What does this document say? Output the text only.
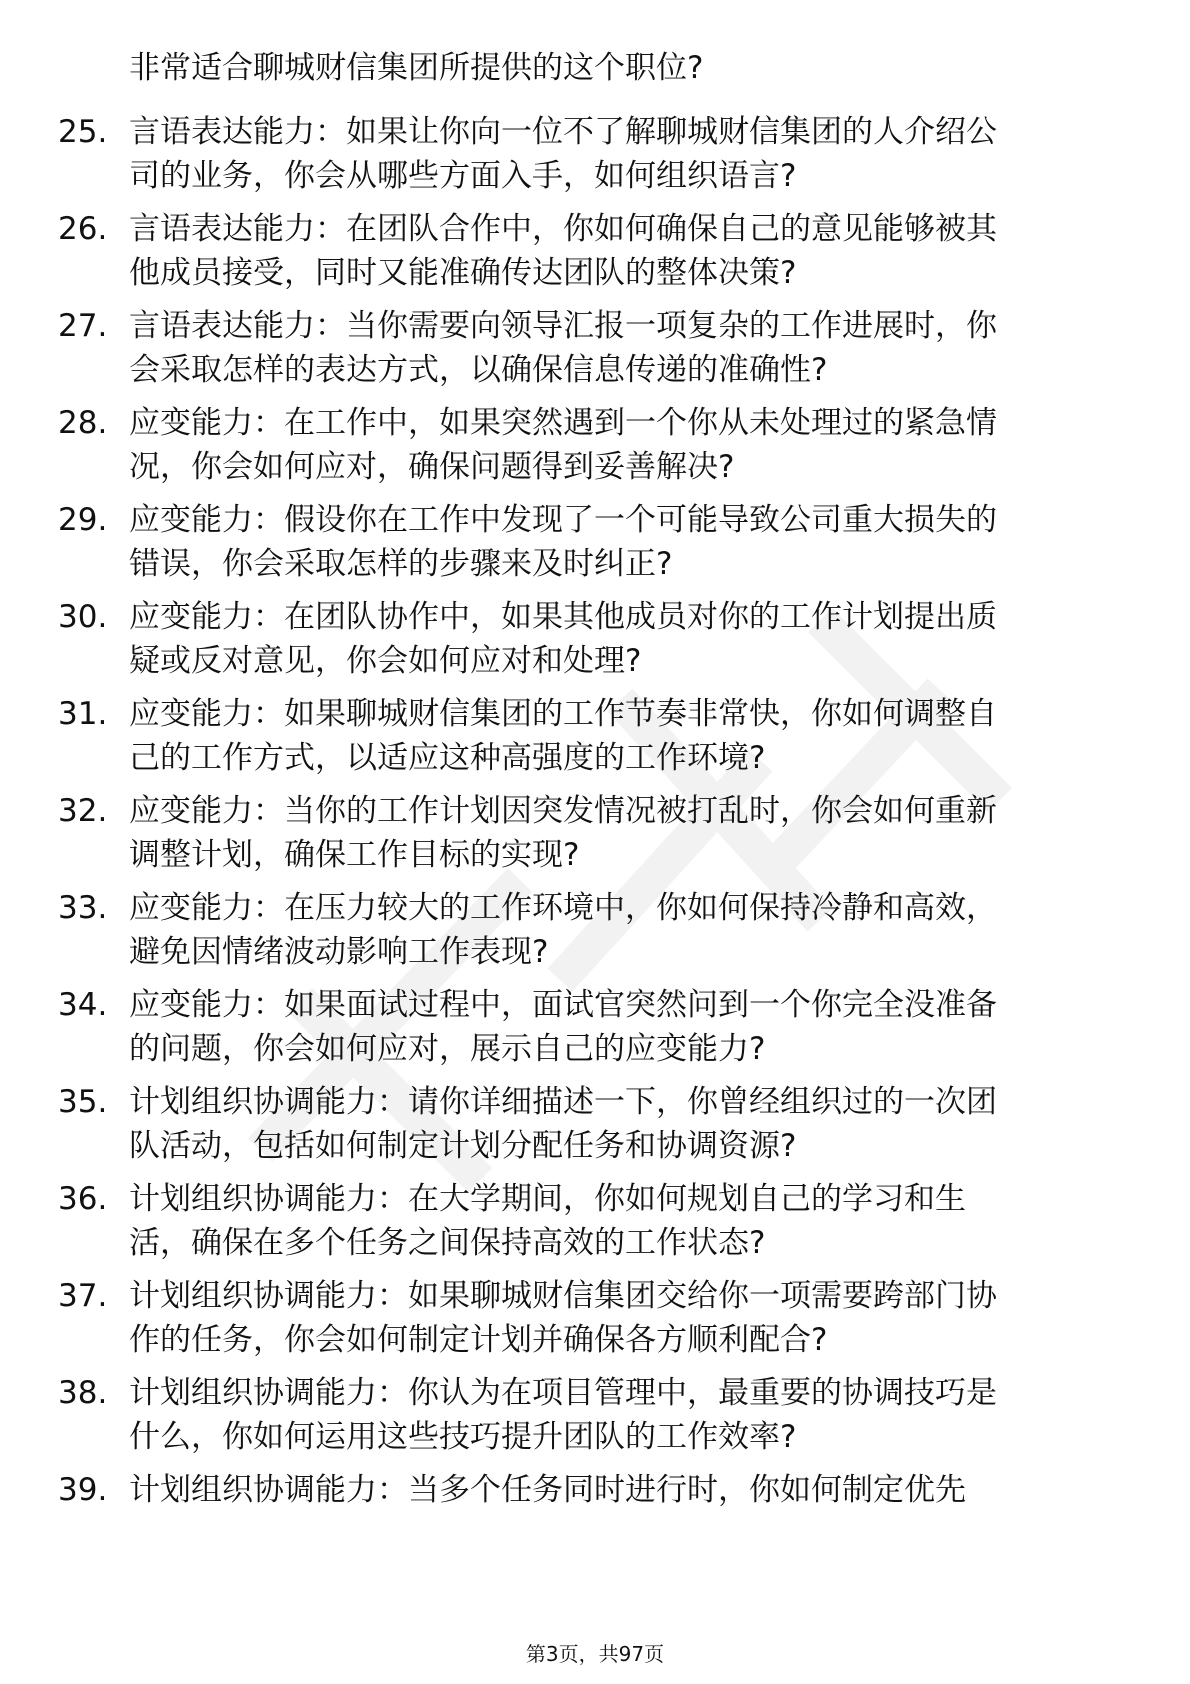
非常适合聊城财信集团所提供的这个职位?
25. 言语表达能力：如果让你向一位不了解聊城财信集团的人介绍公
司的业务，你会从哪些方面入手，如何组织语言?
26. 言语表达能力：在团队合作中，你如何确保自己的意见能够被其
他成员接受，同时又能准确传达团队的整体决策?
27. 言语表达能力：当你需要向领导汇报一项复杂的工作进展时，你
会采取怎样的表达方式，以确保信息传递的准确性?
28. 应变能力：在工作中，如果突然遇到一个你从未处理过的紧急情
况，你会如何应对，确保问题得到妥善解决?
29. 应变能力：假设你在工作中发现了一个可能导致公司重大损失的
错误，你会采取怎样的步骤来及时纠正?
30. 应变能力：在团队协作中，如果其他成员对你的工作计划提出质
疑或反对意见，你会如何应对和处理?
31. 应变能力：如果聊城财信集团的工作节奏非常快，你如何调整自
己的工作方式，以适应这种高强度的工作环境?
32. 应变能力：当你的工作计划因突发情况被打乱时，你会如何重新
调整计划，确保工作目标的实现?
33. 应变能力：在压力较大的工作环境中，你如何保持冷静和高效，
避免因情绪波动影响工作表现?
34. 应变能力：如果面试过程中，面试官突然问到一个你完全没准备
的问题，你会如何应对，展示自己的应变能力?
35. 计划组织协调能力：请你详细描述一下，你曾经组织过的一次团
队活动，包括如何制定计划分配任务和协调资源?
36. 计划组织协调能力：在大学期间，你如何规划自己的学习和生
活，确保在多个任务之间保持高效的工作状态?
37. 计划组织协调能力：如果聊城财信集团交给你一项需要跨部门协
作的任务，你会如何制定计划并确保各方顺利配合?
38. 计划组织协调能力：你认为在项目管理中，最重要的协调技巧是
什么，你如何运用这些技巧提升团队的工作效率?
39. 计划组织协调能力：当多个任务同时进行时，你如何制定优先
第3页，共97页
